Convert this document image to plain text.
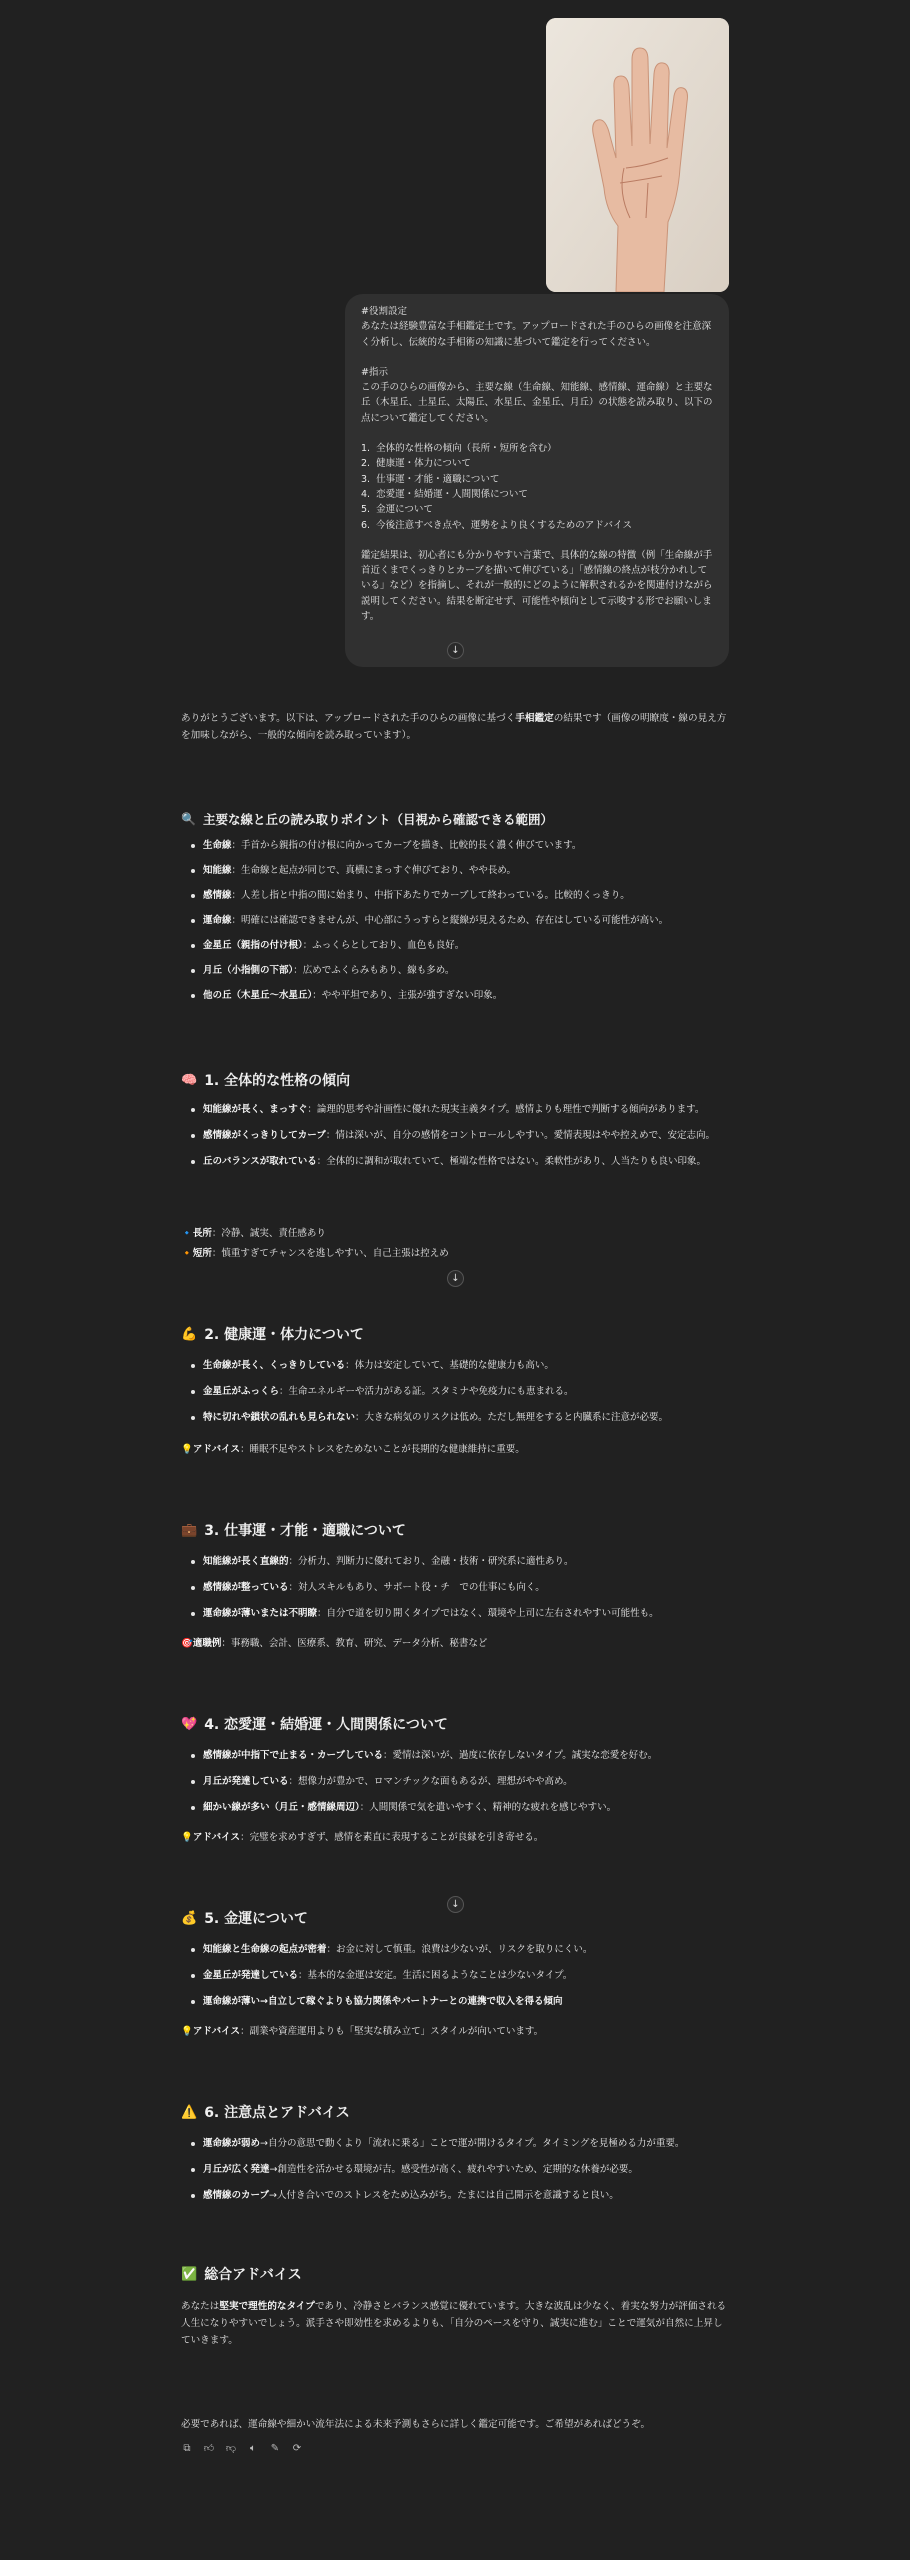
#役割設定

あなたは経験豊富な手相鑑定士です。アップロードされた手のひらの画像を注意深く分析し、伝統的な手相術の知識に基づいて鑑定を行ってください。

#指示

この手のひらの画像から、主要な線（生命線、知能線、感情線、運命線）と主要な丘（木星丘、土星丘、太陽丘、水星丘、金星丘、月丘）の状態を読み取り、以下の点について鑑定してください。

1.  全体的な性格の傾向（長所・短所を含む）

2.  健康運・体力について

3.  仕事運・才能・適職について

4.  恋愛運・結婚運・人間関係について

5.  金運について

6.  今後注意すべき点や、運勢をより良くするためのアドバイス

鑑定結果は、初心者にも分かりやすい言葉で、具体的な線の特徴（例「生命線が手首近くまでくっきりとカーブを描いて伸びている」「感情線の終点が枝分かれしている」など）を指摘し、それが一般的にどのように解釈されるかを関連付けながら説明してください。結果を断定せず、可能性や傾向として示唆する形でお願いします。

↓

ありがとうございます。以下は、アップロードされた手のひらの画像に基づく手相鑑定の結果です（画像の明瞭度・線の見え方を加味しながら、一般的な傾向を読み取っています）。

🔍 主要な線と丘の読み取りポイント（目視から確認できる範囲）
生命線：手首から親指の付け根に向かってカーブを描き、比較的長く濃く伸びています。
知能線：生命線と起点が同じで、真横にまっすぐ伸びており、やや長め。
感情線：人差し指と中指の間に始まり、中指下あたりでカーブして終わっている。比較的くっきり。
運命線：明確には確認できませんが、中心部にうっすらと縦線が見えるため、存在はしている可能性が高い。
金星丘（親指の付け根）：ふっくらとしており、血色も良好。
月丘（小指側の下部）：広めでふくらみもあり、線も多め。
他の丘（木星丘〜水星丘）：やや平坦であり、主張が強すぎない印象。
🧠 1. 全体的な性格の傾向
知能線が長く、まっすぐ：論理的思考や計画性に優れた現実主義タイプ。感情よりも理性で判断する傾向があります。
感情線がくっきりしてカーブ：情は深いが、自分の感情をコントロールしやすい。愛情表現はやや控えめで、安定志向。
丘のバランスが取れている：全体的に調和が取れていて、極端な性格ではない。柔軟性があり、人当たりも良い印象。
🔹長所：冷静、誠実、責任感あり
🔸短所：慎重すぎてチャンスを逃しやすい、自己主張は控えめ
↓
💪 2. 健康運・体力について
生命線が長く、くっきりしている：体力は安定していて、基礎的な健康力も高い。
金星丘がふっくら：生命エネルギーや活力がある証。スタミナや免疫力にも恵まれる。
特に切れや鎖状の乱れも見られない：大きな病気のリスクは低め。ただし無理をすると内臓系に注意が必要。
💡アドバイス：睡眠不足やストレスをためないことが長期的な健康維持に重要。
💼 3. 仕事運・才能・適職について
知能線が長く直線的：分析力、判断力に優れており、金融・技術・研究系に適性あり。
感情線が整っている：対人スキルもあり、サポート役・チ　での仕事にも向く。
運命線が薄いまたは不明瞭：自分で道を切り開くタイプではなく、環境や上司に左右されやすい可能性も。
🎯適職例：事務職、会計、医療系、教育、研究、データ分析、秘書など
💖 4. 恋愛運・結婚運・人間関係について
感情線が中指下で止まる・カーブしている：愛情は深いが、過度に依存しないタイプ。誠実な恋愛を好む。
月丘が発達している：想像力が豊かで、ロマンチックな面もあるが、理想がやや高め。
細かい線が多い（月丘・感情線周辺）：人間関係で気を遣いやすく、精神的な疲れを感じやすい。
💡アドバイス：完璧を求めすぎず、感情を素直に表現することが良縁を引き寄せる。
↓
💰 5. 金運について
知能線と生命線の起点が密着：お金に対して慎重。浪費は少ないが、リスクを取りにくい。
金星丘が発達している：基本的な金運は安定。生活に困るようなことは少ないタイプ。
運命線が薄い→自立して稼ぐよりも協力関係やパートナーとの連携で収入を得る傾向
💡アドバイス：副業や資産運用よりも「堅実な積み立て」スタイルが向いています。
⚠️ 6. 注意点とアドバイス
運命線が弱め→自分の意思で動くより「流れに乗る」ことで運が開けるタイプ。タイミングを見極める力が重要。
月丘が広く発達→創造性を活かせる環境が吉。感受性が高く、疲れやすいため、定期的な休養が必要。
感情線のカーブ→人付き合いでのストレスをため込みがち。たまには自己開示を意識すると良い。
✅ 総合アドバイス

あなたは堅実で理性的なタイプであり、冷静さとバランス感覚に優れています。大きな波乱は少なく、着実な努力が評価される人生になりやすいでしょう。派手さや即効性を求めるよりも、「自分のペースを守り、誠実に進む」ことで運気が自然に上昇していきます。

必要であれば、運命線や細かい流年法による未来予測もさらに詳しく鑑定可能です。ご希望があればどうぞ。

⧉ 👍︎ 👎︎	🔈︎	✎ ⟳
